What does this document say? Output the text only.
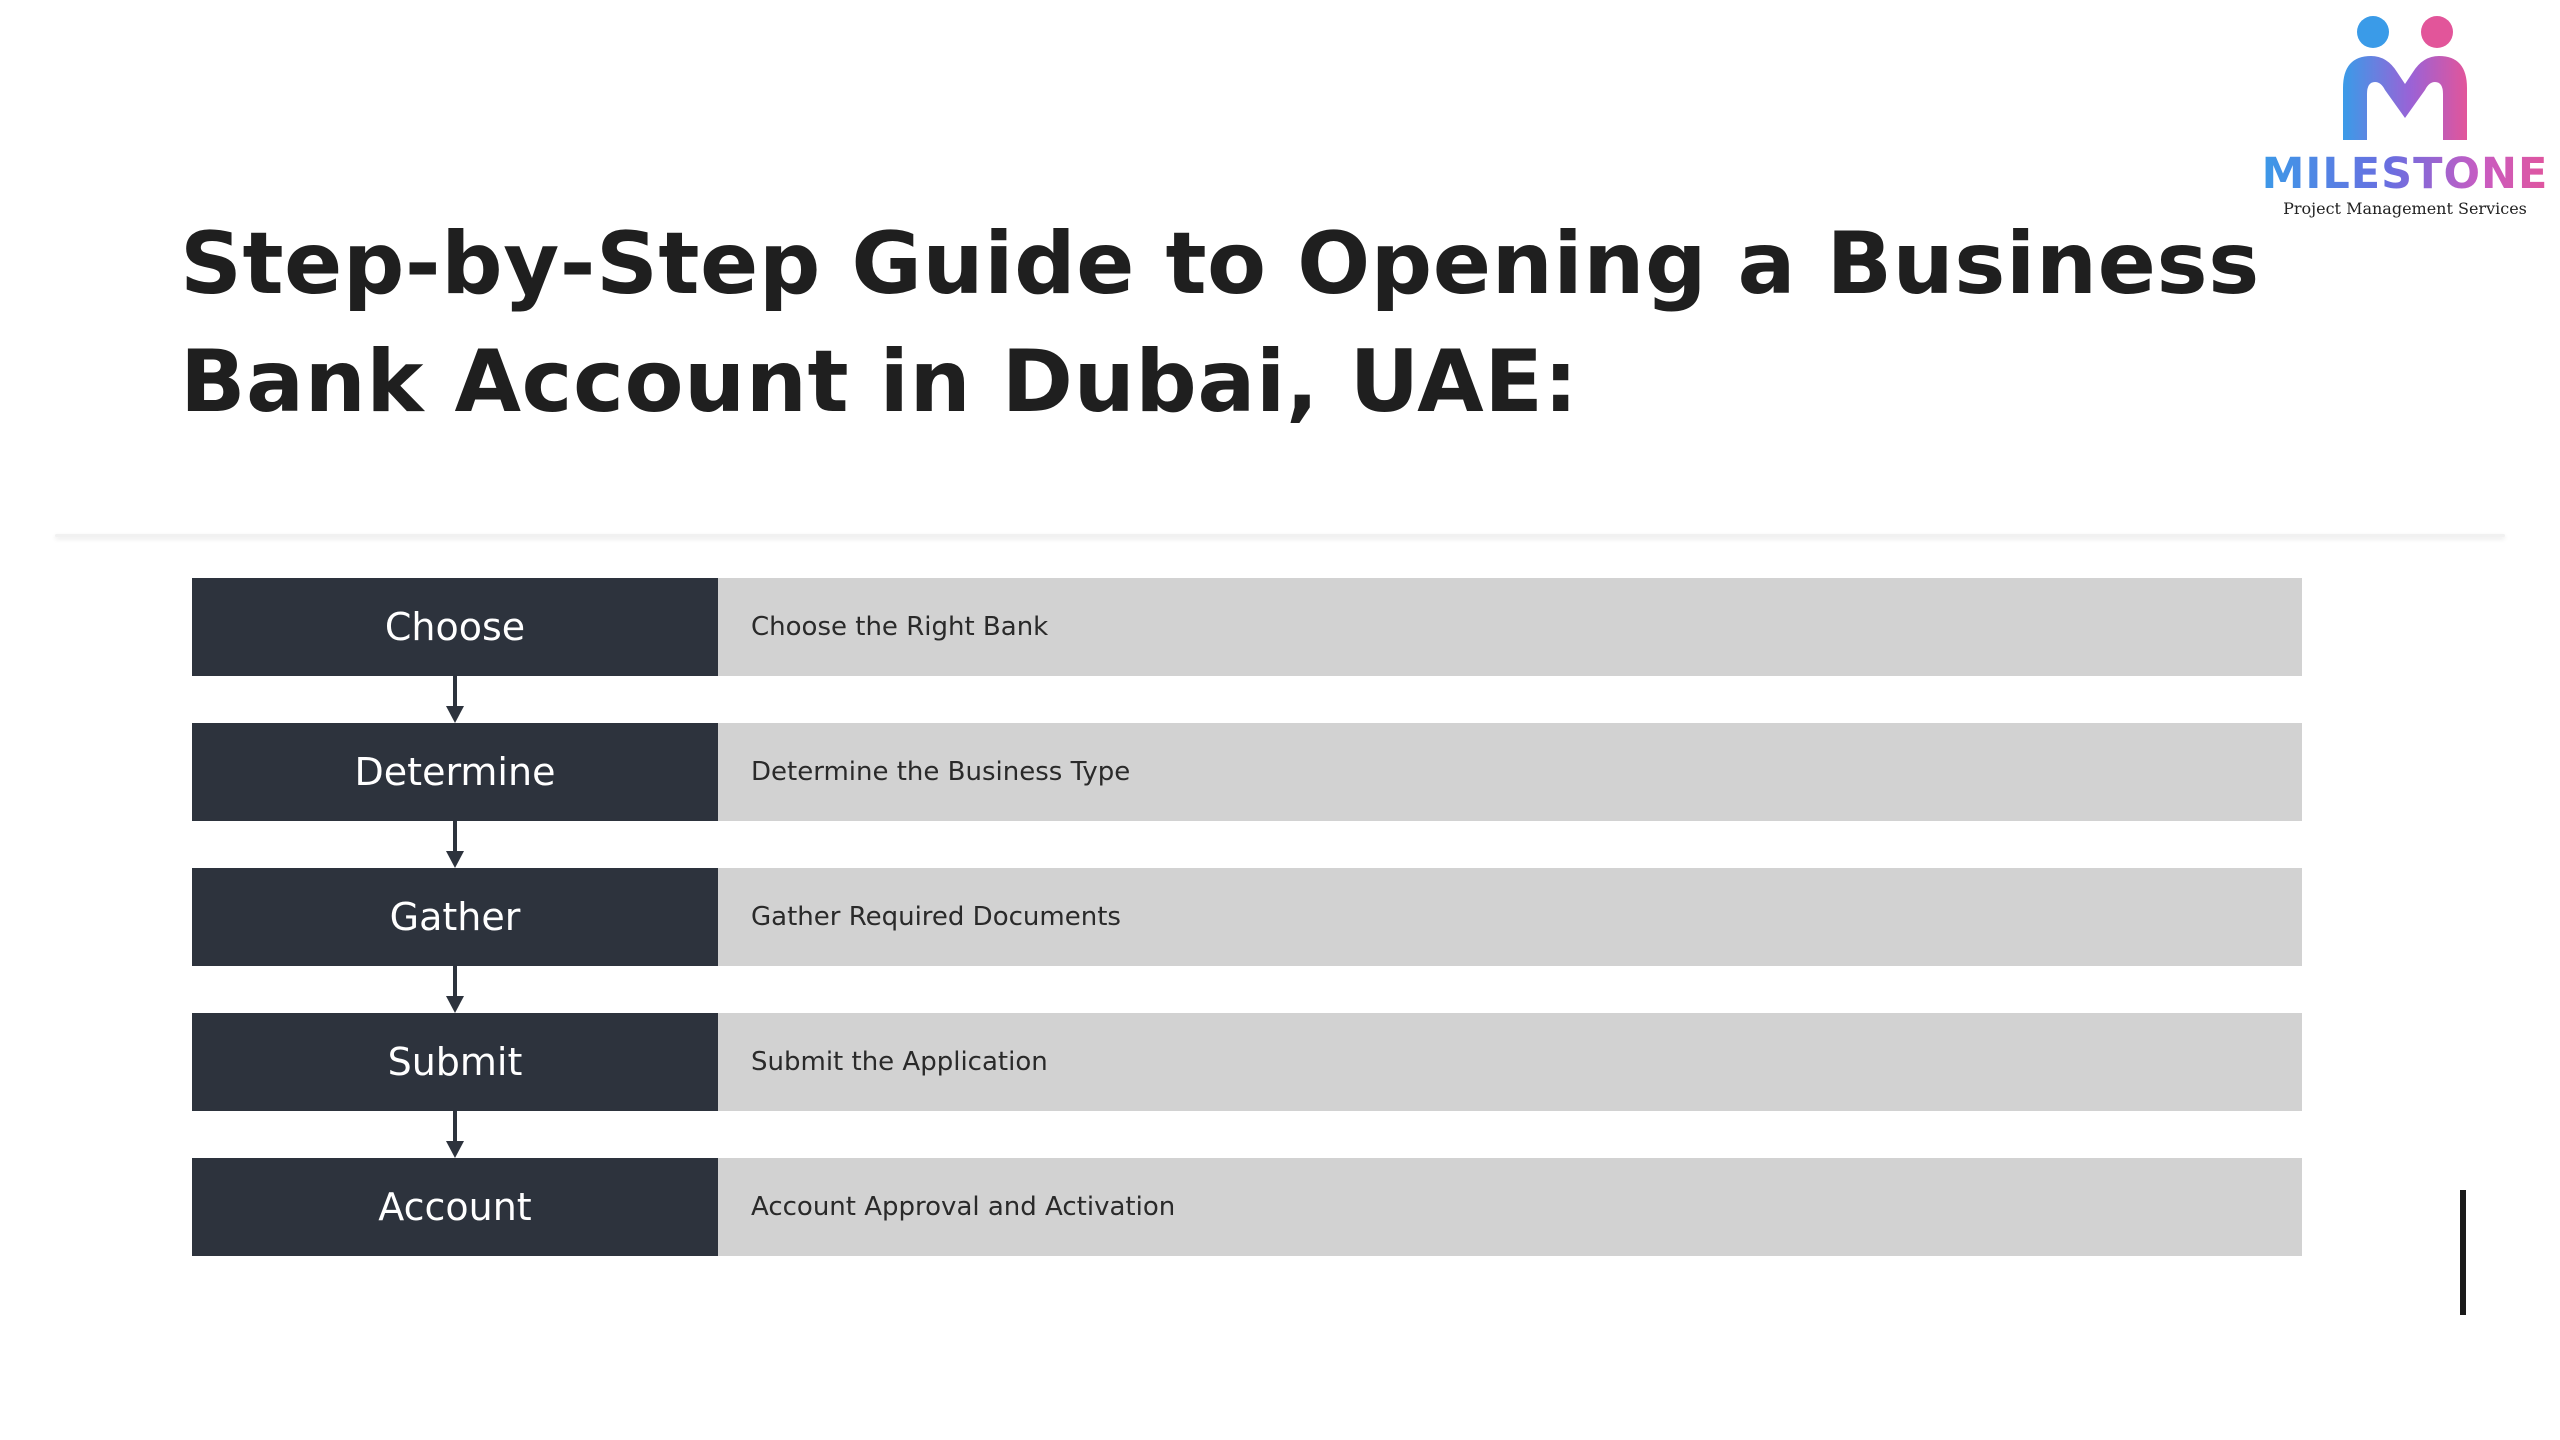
MILESTONE
Project Management Services
Step-by-Step Guide to Opening a Business
Bank Account in Dubai, UAE:
Choose	Choose the Right Bank
Determine	Determine the Business Type
Gather	Gather Required Documents
Submit	Submit the Application
Account	Account Approval and Activation
